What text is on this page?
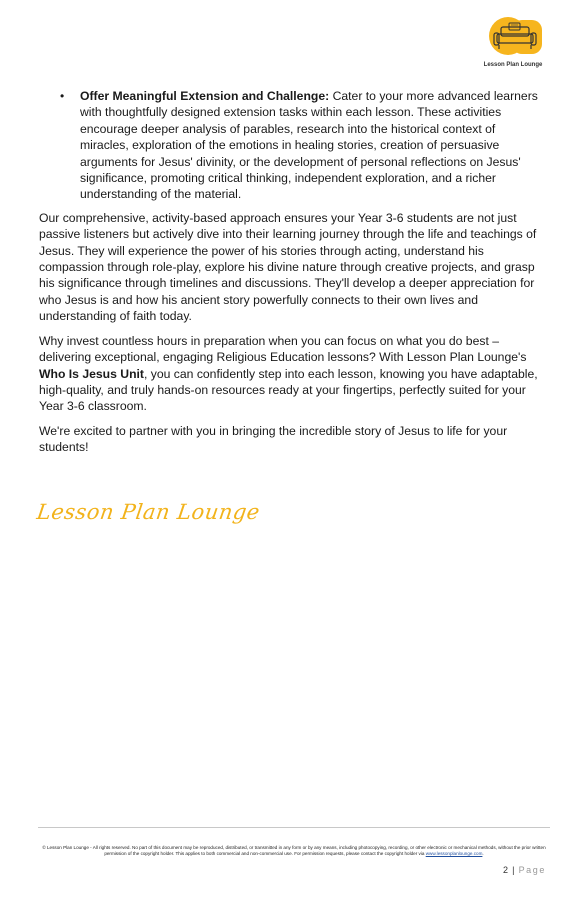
Lesson Plan Lounge
• Offer Meaningful Extension and Challenge: Cater to your more advanced learners with thoughtfully designed extension tasks within each lesson. These activities encourage deeper analysis of parables, research into the historical context of miracles, exploration of the emotions in healing stories, creation of persuasive arguments for Jesus' divinity, or the development of personal reflections on Jesus' significance, promoting critical thinking, independent exploration, and a richer understanding of the material.

Our comprehensive, activity-based approach ensures your Year 3-6 students are not just passive listeners but actively dive into their learning journey through the life and teachings of Jesus. They will experience the power of his stories through acting, understand his compassion through role-play, explore his divine nature through creative projects, and grasp his significance through timelines and discussions. They'll develop a deeper appreciation for who Jesus is and how his ancient story powerfully connects to their own lives and understanding of faith today.

Why invest countless hours in preparation when you can focus on what you do best – delivering exceptional, engaging Religious Education lessons? With Lesson Plan Lounge's Who Is Jesus Unit, you can confidently step into each lesson, knowing you have adaptable, high-quality, and truly hands-on resources ready at your fingertips, perfectly suited for your Year 3-6 classroom.

We're excited to partner with you in bringing the incredible story of Jesus to life for your students!

Lesson Plan Lounge
© Lesson Plan Lounge - All rights reserved. No part of this document may be reproduced, distributed, or transmitted in any form or by any means, including photocopying, recording, or other electronic or mechanical methods, without the prior written permission of the copyright holder. This applies to both commercial and non-commercial use. For permission requests, please contact the copyright holder via www.lessonplanlounge.com.
2 | Page
